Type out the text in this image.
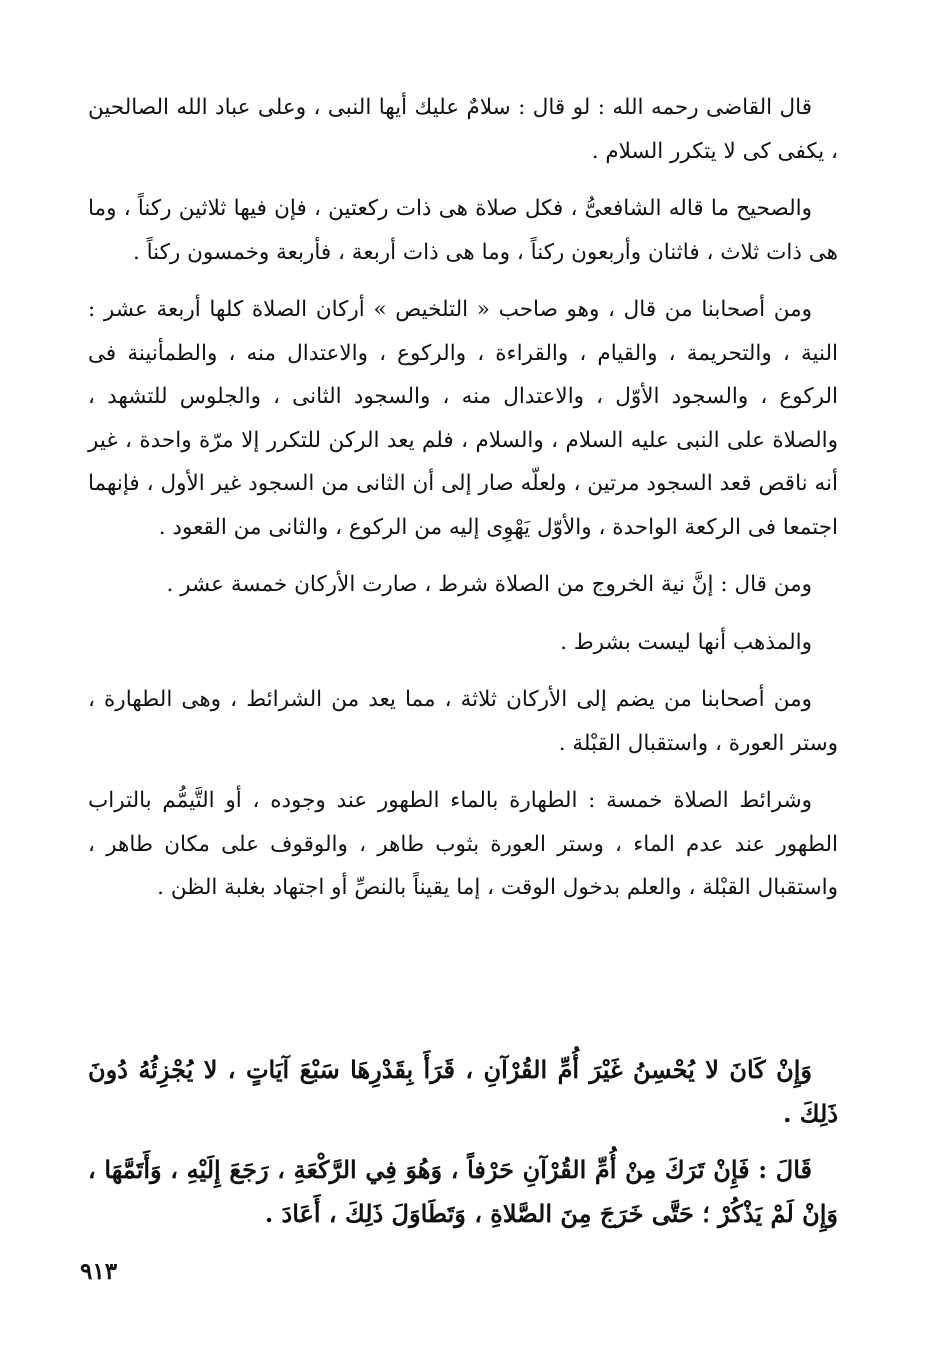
قال القاضى رحمه الله : لو قال : سلامٌ عليك أيها النبى ، وعلى عباد الله الصالحين ، يكفى كى لا يتكرر السلام .

والصحيح ما قاله الشافعىُّ ، فكل صلاة هى ذات ركعتين ، فإن فيها ثلاثين ركناً ، وما هى ذات ثلاث ، فاثنان وأربعون ركناً ، وما هى ذات أربعة ، فأربعة وخمسون ركناً .

ومن أصحابنا من قال ، وهو صاحب « التلخيص » أركان الصلاة كلها أربعة عشر : النية ، والتحريمة ، والقيام ، والقراءة ، والركوع ، والاعتدال منه ، والطمأنينة فى الركوع ، والسجود الأوّل ، والاعتدال منه ، والسجود الثانى ، والجلوس للتشهد ، والصلاة على النبى عليه السلام ، والسلام ، فلم يعد الركن للتكرر إلا مرّة واحدة ، غير أنه ناقص قعد السجود مرتين ، ولعلّه صار إلى أن الثانى من السجود غير الأول ، فإنهما اجتمعا فى الركعة الواحدة ، والأوّل يَهْوِى إليه من الركوع ، والثانى من القعود .

ومن قال : إنَّ نية الخروج من الصلاة شرط ، صارت الأركان خمسة عشر .

والمذهب أنها ليست بشرط .

ومن أصحابنا من يضم إلى الأركان ثلاثة ، مما يعد من الشرائط ، وهى الطهارة ، وستر العورة ، واستقبال القبْلة .

وشرائط الصلاة خمسة : الطهارة بالماء الطهور عند وجوده ، أو التَّيمُّم بالتراب الطهور عند عدم الماء ، وستر العورة بثوب طاهر ، والوقوف على مكان طاهر ، واستقبال القبْلة ، والعلم بدخول الوقت ، إما يقيناً بالنصِّ أو اجتهاد بغلبة الظن .

وَإِنْ كَانَ لا يُحْسِنُ غَيْرَ أُمِّ القُرْآنِ ، قَرَأَ بِقَدْرِهَا سَبْعَ آيَاتٍ ، لا يُجْزِئُهُ دُونَ ذَلِكَ .

قَالَ : فَإِنْ تَرَكَ مِنْ أُمِّ القُرْآنِ حَرْفاً ، وَهُوَ فِي الرَّكْعَةِ ، رَجَعَ إِلَيْهِ ، وَأَتَمَّهَا ، وَإِنْ لَمْ يَذْكُرْ ؛ حَتَّى خَرَجَ مِنَ الصَّلاةِ ، وَتَطَاوَلَ ذَلِكَ ، أَعَادَ .

٩١٣
